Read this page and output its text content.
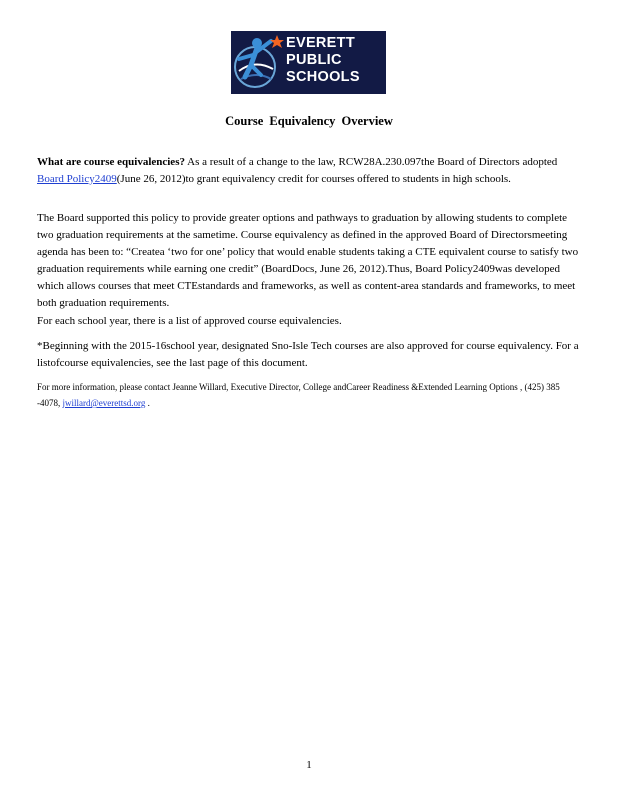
EVERETT
PUBLIC
SCHOOLS
Course Equivalency Overview

What are course equivalencies? As a result of a change to the law, RCW28A.230.097the Board of Directors adopted Board Policy2409(June 26, 2012)to grant equivalency credit for courses offered to students in high schools.

The Board supported this policy to provide greater options and pathways to graduation by allowing students to complete two graduation requirements at the sametime. Course equivalency as defined in the approved Board of Directorsmeeting agenda has been to: “Createa ‘two for one’ policy that would enable students taking a CTE equivalent course to satisfy two graduation requirements while earning one credit” (BoardDocs, June 26, 2012).Thus, Board Policy2409was developed which allows courses that meet CTEstandards and frameworks, as well as content-area standards and frameworks, to meet both graduation requirements.

For each school year, there is a list of approved course equivalencies.

*Beginning with the 2015-16school year, designated Sno-Isle Tech courses are also approved for course equivalency. For a listofcourse equivalencies, see the last page of this document.

For more information, please contact Jeanne Willard, Executive Director, College andCareer Readiness &Extended Learning Options , (425) 385 -4078, jwillard@everettsd.org .

1
